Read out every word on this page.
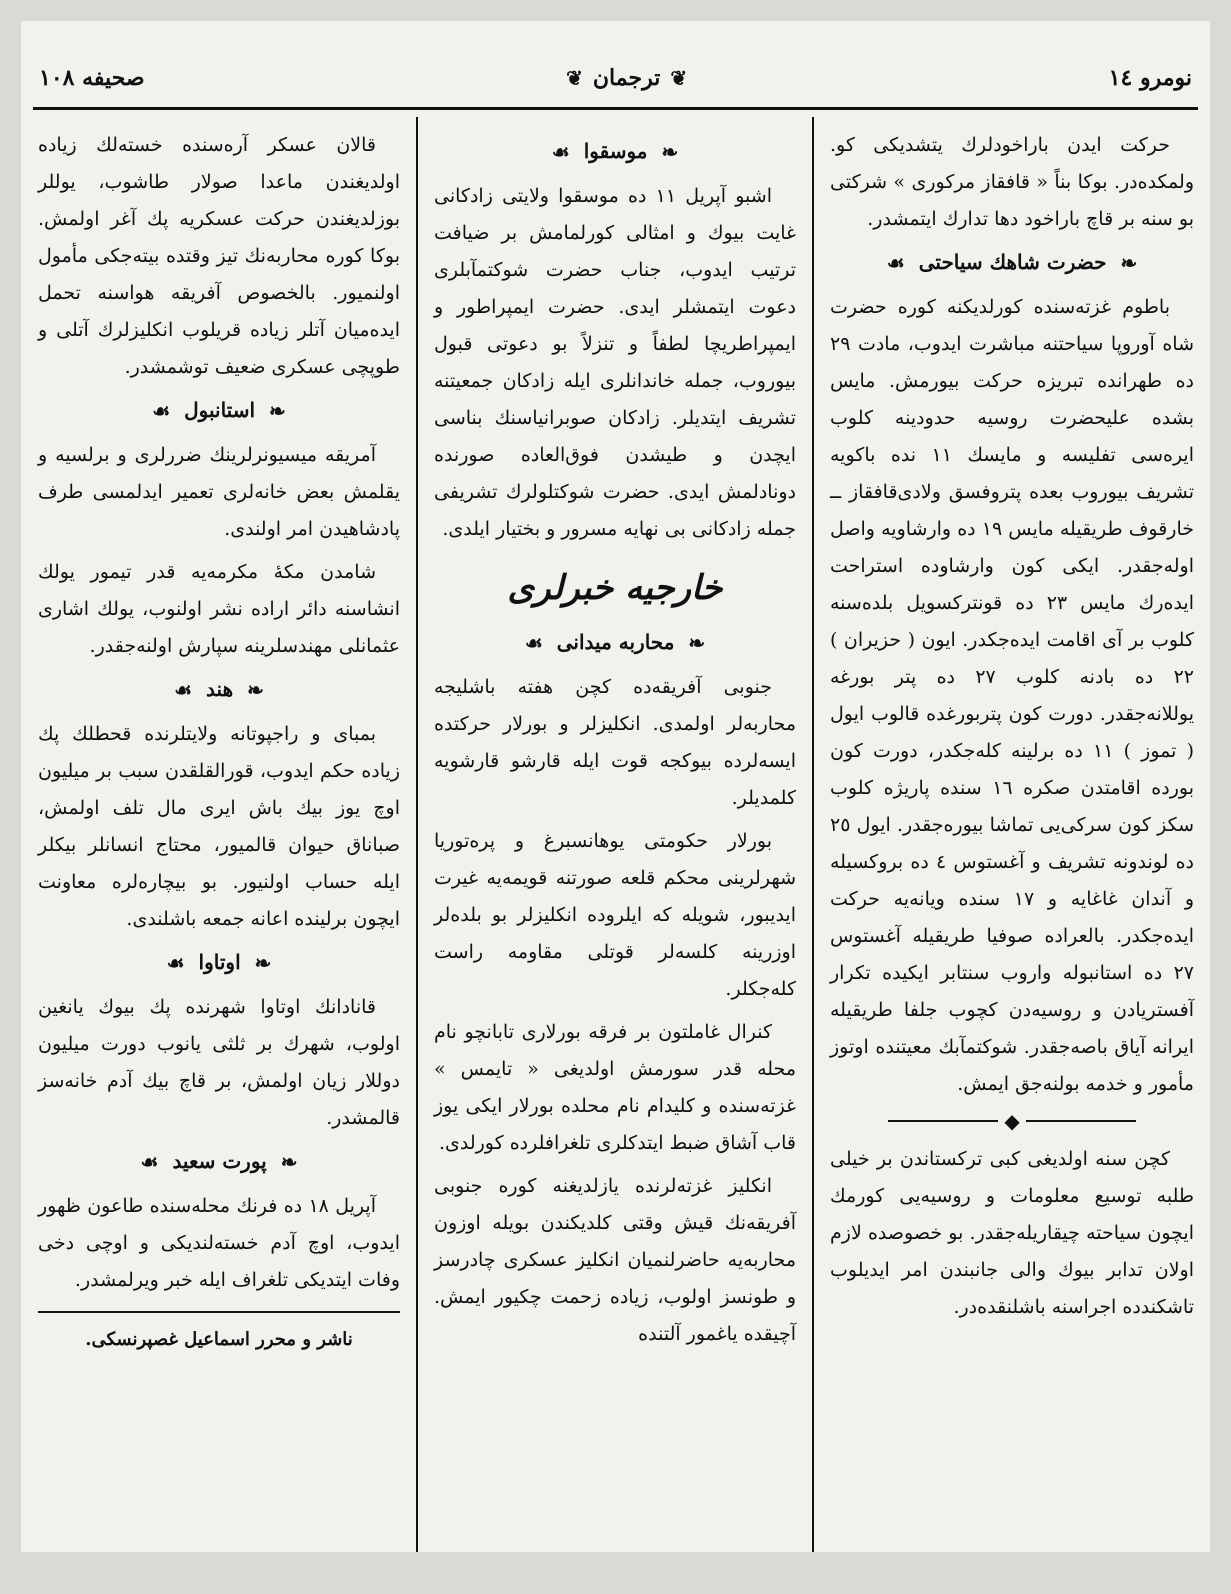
نومرو ١٤
❦
ترجمان
❦
صحيفه ١٠٨

حركت ايدن باراخودلرك يتشديكى كو. ولمكده‌در. بوكا بناً « قافقاز مركورى » شركتى بو سنه بر قاچ باراخود دها تدارك ايتمشدر.

❧
حضرت شاهك سياحتى
☙

باطوم غزته‌سنده كورلديكنه كوره حضرت شاه آوروپا سياحتنه مباشرت ايدوب، مادت ٢٩ ده طهرانده تبريزه حركت بيورمش. مايس بشده عليحضرت روسيه حدودينه كلوب ايره‌سى تفليسه و مايسك ١١ نده باكويه تشريف بيوروب بعده پتروفسق ولادى‌قافقاز ــ خارقوف طريقيله مايس ١٩ ده وارشاويه واصل اوله‌جقدر. ايكى كون وارشاوده استراحت ايده‌رك مايس ٢٣ ده قونترکسويل بلده‌سنه كلوب بر آى اقامت ايده‌جكدر. ايون ( حزيران ) ٢٢ ده بادنه كلوب ٢٧ ده پتر بورغه يوللانه‌جقدر. دورت كون پتربورغده قالوب ايول ( تموز ) ١١ ده برلينه كله‌جكدر، دورت كون بورده اقامتدن صكره ١٦ سنده پاريژه كلوب سكز كون سركى‌يى تماشا بيوره‌جقدر. ايول ٢٥ ده لوندونه تشريف و آغستوس ٤ ده بروكسيله و آندان غاغايه و ١٧ سنده ويانه‌يه حركت ايده‌جكدر. بالعراده صوفيا طريقيله آغستوس ٢٧ ده استانبوله واروب سنتابر ايكيده تكرار آفستريادن و روسيه‌دن كچوب جلفا طريقيله ايرانه آياق باصه‌جقدر. شوكتمآبك معيتنده اوتوز مأمور و خدمه بولنه‌جق ايمش.

◆

كچن سنه اولديغى كبى تركستاندن بر خيلى طلبه توسيع معلومات و روسيه‌يى كورمك ايچون سياحته چيقاريله‌جقدر. بو خصوصده لازم اولان تدابر بيوك والى جانبندن امر ايديلوب تاشكندده اجراسنه باشلنقده‌در.

❧
موسقوا
☙

اشبو آپريل ١١ ده موسقوا ولايتى زادكانى غايت بيوك و امثالى كورلمامش بر ضيافت ترتيب ايدوب، جناب حضرت شوكتمآبلرى دعوت ايتمشلر ايدى. حضرت ايمپراطور و ايمپراطريچا لطفاً و تنزلاً بو دعوتى قبول بيوروب، جمله خاندانلرى ايله زادكان جمعيتنه تشريف ايتديلر. زادكان صوبرانياسنك بناسى ايچدن و طيشدن فوق‌العاده صورنده دونادلمش ايدى. حضرت شوكتلولرك تشريفى جمله زادكانى بى نهايه مسرور و بختيار ايلدى.

خارجيه خبرلرى
❧
محاربه ميدانى
☙

جنوبى آفريقه‌ده كچن هفته باشليجه محاربه‌لر اولمدى. انكليزلر و بورلار حركتده ايسه‌لرده بيوكجه قوت ايله قارشو قارشويه كلمديلر.

بورلار حكومتى يوهانسبرغ و پره‌توريا شهرلرينى محكم قلعه صورتنه قويمه‌يه غيرت ايديبور، شويله كه ايلروده انكليزلر بو بلده‌لر اوزرينه كلسه‌لر قوتلى مقاومه راست كله‌جكلر.

كنرال غاملتون بر فرقه بورلارى تابانچو نام محله قدر سورمش اولديغى « تايمس » غزته‌سنده و كليدام نام محلده بورلار ايكى يوز قاب آشاق ضبط ايتدكلرى تلغرافلرده كورلدى.

انكليز غزته‌لرنده يازلديغنه كوره جنوبى آفريقه‌نك قيش وقتى كلديكندن بويله اوزون محاربه‌يه حاضرلنميان انكليز عسكرى چادرسز و طونسز اولوب، زياده زحمت چكيور ايمش. آچيقده ياغمور آلتنده

قالان عسكر آره‌سنده خسته‌لك زياده اولديغندن ماعدا صولار طاشوب، يوللر بوزلديغندن حركت عسكريه پك آغر اولمش. بوكا كوره محاربه‌نك تيز وقتده بيته‌جكى مأمول اولنميور. بالخصوص آفريقه هواسنه تحمل ايده‌ميان آتلر زياده قريلوب انكليزلرك آتلى و طوپچى عسكرى ضعيف توشمشدر.

❧
استانبول
☙

آمريقه ميسيونرلرينك ضررلرى و برلسيه و يقلمش بعض خانه‌لرى تعمير ايدلمسى طرف پادشاهيدن امر اولندى.

شامدن مكهٔ مكرمه‌يه قدر تيمور يولك انشاسنه دائر اراده نشر اولنوب، يولك اشارى عثمانلى مهندسلرينه سپارش اولنه‌جقدر.

❧
هند
☙

بمباى و راجپوتانه ولايتلرنده قحطلك پك زياده حكم ايدوب، قورالقلقدن سبب بر ميليون اوچ يوز بيك باش ايرى مال تلف اولمش، صباناق حيوان قالميور، محتاج انسانلر بيكلر ايله حساب اولنيور. بو بيچاره‌لره معاونت ايچون برلينده اعانه جمعه باشلندى.

❧
اوتاوا
☙

قانادانك اوتاوا شهرنده پك بيوك يانغين اولوب، شهرك بر ثلثى يانوب دورت ميليون دوللار زيان اولمش، بر قاچ بيك آدم خانه‌سز قالمشدر.

❧
پورت سعيد
☙

آپريل ١٨ ده فرنك محله‌سنده طاعون ظهور ايدوب، اوچ آدم خسته‌لنديكى و اوچى دخى وفات ايتديكى تلغراف ايله خبر ويرلمشدر.

ناشر و محرر اسماعيل غصپرنسكى.
